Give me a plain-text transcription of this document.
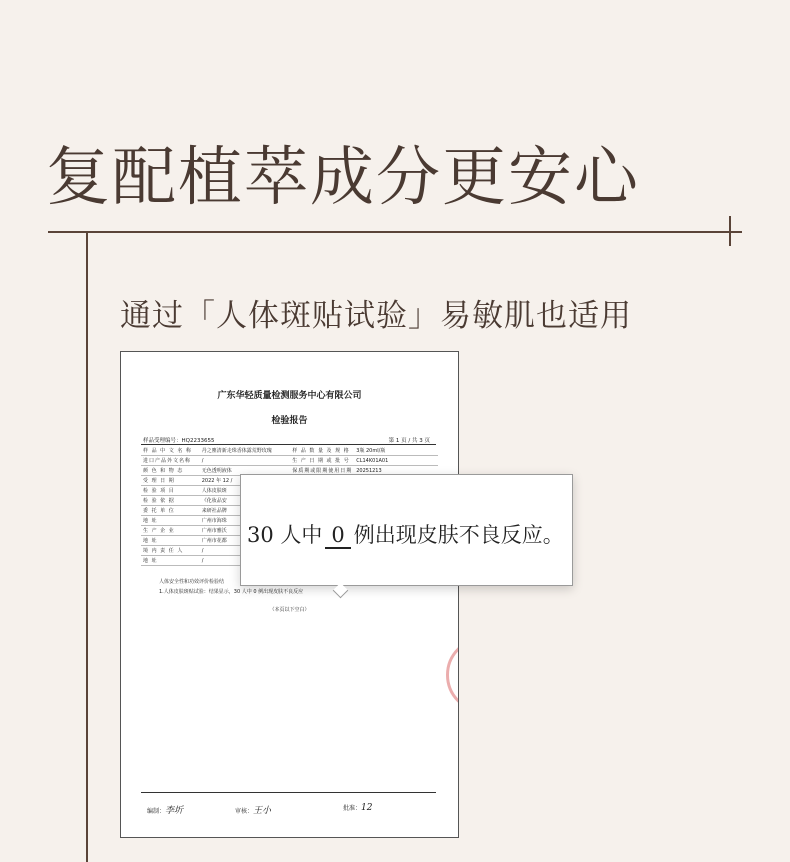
复配植萃成分更安心
通过「人体斑贴试验」易敏肌也适用
广东华轻质量检测服务中心有限公司
检验报告
样品受理编号：HQ2233655	第 1 页 / 共 3 页
样 品 中 文 名 称	丹之塵清新走珠香体露荒野玫瑰	样 品 数 量 及 规 格	3瓶 20ml/瓶
进口产品外文名称	/	生 产 日 期 或 批 号	CL14K01A01
颜 色 和 物 态	无色透明液体	保质期或限期使用日期	20251213
受 理 日 期	2022 年 12 /		
检 验 项 目	人体皮肤斑		
检 验 依 据	《化妆品安		
委 托 单 位	来研社品牌		
地 址	广州市海珠		
生 产 企 业	广州市雅沃		
地 址	广州市花都		
境 内 责 任 人	/		
地 址	/		
人体安全性和功效评价检验结
1.人体皮肤斑贴试验：结果显示，30 人中 0 例出现皮肤不良反应
（本页以下空白）
编制：李圻	审核：王小	批准：12
30 人中 0 例出现皮肤不良反应。
